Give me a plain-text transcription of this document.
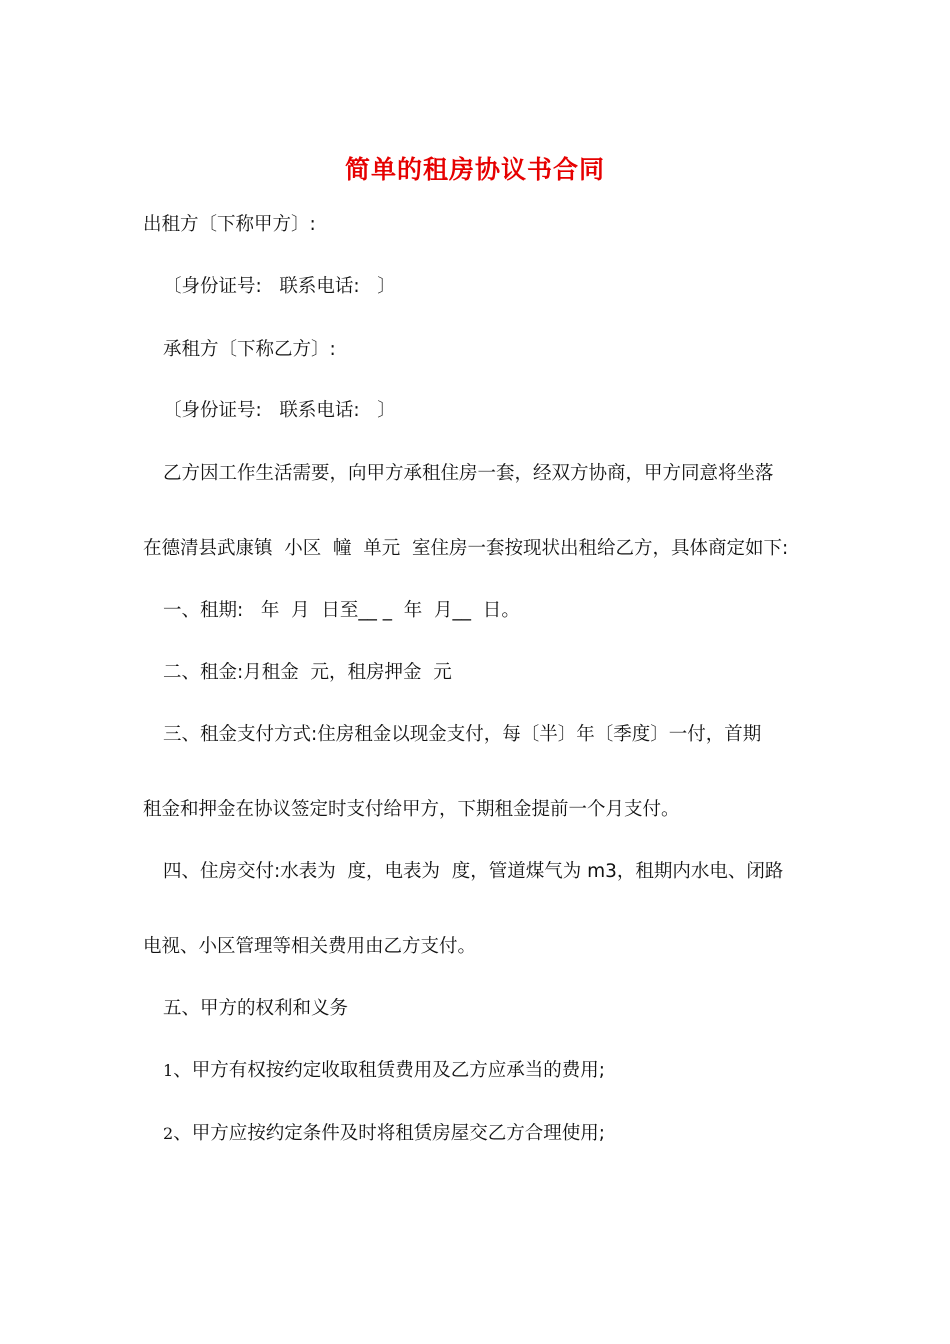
简单的租房协议书合同
出租方〔下称甲方〕:
〔身份证号:   联系电话:   〕
承租方〔下称乙方〕:
〔身份证号:   联系电话:   〕
乙方因工作生活需要，向甲方承租住房一套，经双方协商，甲方同意将坐落
在德清县武康镇  小区  幢  单元  室住房一套按现状出租给乙方，具体商定如下:
一、租期:   年  月  日至__ _  年  月__  日。
二、租金:月租金  元，租房押金  元
三、租金支付方式:住房租金以现金支付，每〔半〕年〔季度〕一付，首期
租金和押金在协议签定时支付给甲方，下期租金提前一个月支付。
四、住房交付:水表为  度，电表为  度，管道煤气为 m3，租期内水电、闭路
电视、小区管理等相关费用由乙方支付。
五、甲方的权利和义务
1、甲方有权按约定收取租赁费用及乙方应承当的费用;
2、甲方应按约定条件及时将租赁房屋交乙方合理使用;
